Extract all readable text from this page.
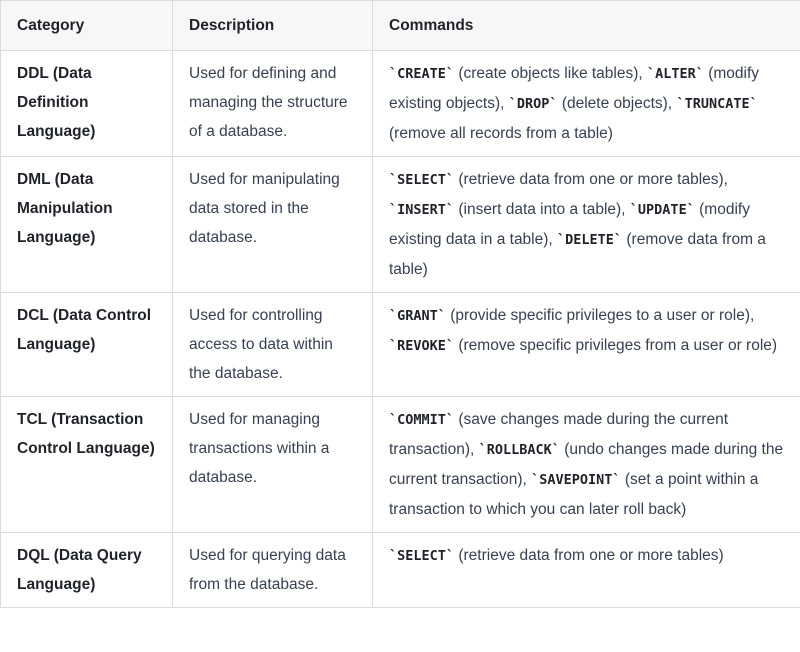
Category	Description	Commands
DDL (Data Definition Language)	Used for defining and managing the structure of a database.	`CREATE` (create objects like tables), `ALTER` (modify existing objects), `DROP` (delete objects), `TRUNCATE` (remove all records from a table)
DML (Data Manipulation Language)	Used for manipulating data stored in the database.	`SELECT` (retrieve data from one or more tables), `INSERT` (insert data into a table), `UPDATE` (modify existing data in a table), `DELETE` (remove data from a table)
DCL (Data Control Language)	Used for controlling access to data within the database.	`GRANT` (provide specific privileges to a user or role), `REVOKE` (remove specific privileges from a user or role)
TCL (Transaction Control Language)	Used for managing transactions within a database.	`COMMIT` (save changes made during the current transaction), `ROLLBACK` (undo changes made during the current transaction), `SAVEPOINT` (set a point within a transaction to which you can later roll back)
DQL (Data Query Language)	Used for querying data from the database.	`SELECT` (retrieve data from one or more tables)
